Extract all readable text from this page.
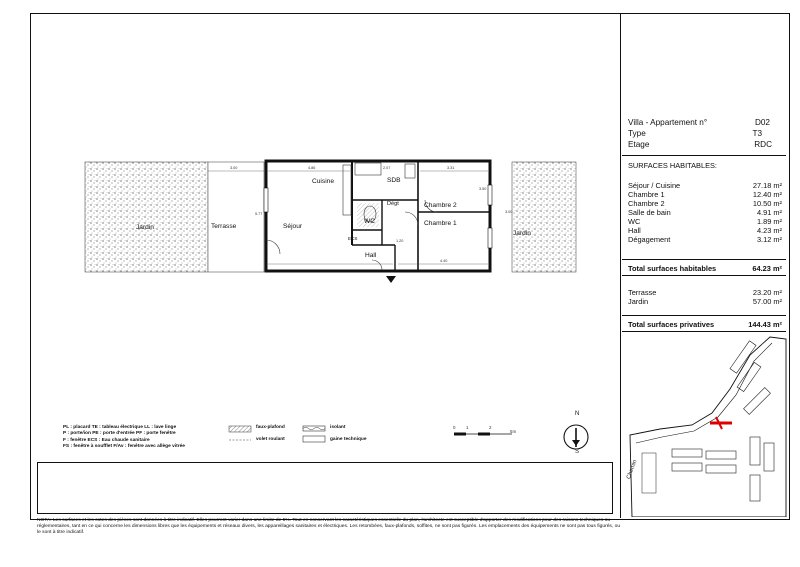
Jardin	Terrasse	Séjour
Cuisine	SDB
Dégt
WC
ECS
Hall
Chambre 2
Chambre 1
Jardin
3.00	4.86	2.07	3.31
5.77
1.20
4.40
3.50
3.00
PL : placard TE : tableau électrique LL : lave linge
P : porte/ion PE : porte d'entrée PF : porte fenêtre
F : fenêtre ECS : Eau chaude sanitaire
FS : fenêtre à soufflet F/Av : fenêtre avec allège vitrée
faux-plafond
volet roulant
isolant
gaine technique
0 1	2
5m
N
S
NOTA: Les surfaces et les cotes des pièces sont données à titre indicatif. Elles pourront varier dans une limite de 5%. Tout en conservant les caractéristiques essentielle du plan, l'architecte est susceptible d'apporter des modifications pour des raisons techniques ou réglementaires, tant en ce qui concerne les dimensions libres que les équipements et réseaux divers, les appareillages sanitaires et électriques. Les retombées, faux-plafonds, soffites, ne sont pas figurés. Les emplacements des équipements ne sont pas tous figurés, ou le sont à titre indicatif.
Villa - Appartement n°	D02
Type	T3
Etage	RDC
SURFACES HABITABLES:
Séjour / Cuisine	27.18 m²
Chambre 1	12.40 m²
Chambre 2	10.50 m²
Salle de bain	4.91 m²
WC	1.89 m²
Hall	4.23 m²
Dégagement	3.12 m²
Total surfaces habitables	64.23 m²
Terrasse	23.20 m²
Jardin	57.00 m²
Total surfaces privatives	144.43 m²
Chemin
